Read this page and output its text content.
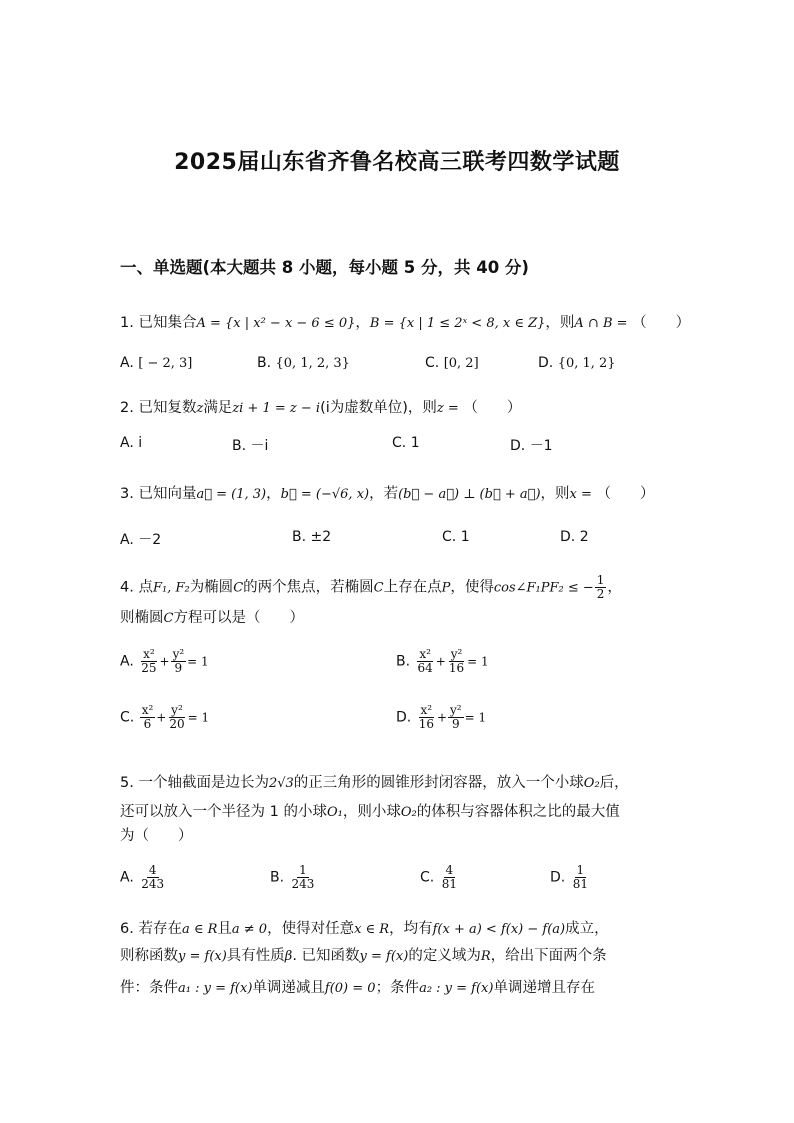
2025届山东省齐鲁名校高三联考四数学试题
一、单选题(本大题共 8 小题，每小题 5 分，共 40 分)
1. 已知集合A = {x | x² − x − 6 ≤ 0}，B = {x | 1 ≤ 2ˣ < 8, x ∈ Z}，则A ∩ B = （　　）
A. [ − 2, 3]	B. {0, 1, 2, 3}	C. [0, 2]	D. {0, 1, 2}
2. 已知复数z满足zi + 1 = z − i(i为虚数单位)，则z = （　　）
A. i	B. －i	C. 1	D. －1
3. 已知向量a⃗ = (1, 3)，b⃗ = (−√6, x)，若(b⃗ − a⃗) ⊥ (b⃗ + a⃗)，则x = （　　）
A. －2	B. ±2	C. 1	D. 2
4. 点F₁, F₂为椭圆C的两个焦点，若椭圆C上存在点P，使得cos∠F₁PF₂ ≤ − $\frac{1}{2}$ ，
则椭圆C方程可以是（　　）
A. $\frac{\text{x²}}{25} + \frac{\text{y²}}{9} = 1$	B. $\frac{\text{x²}}{64} + \frac{\text{y²}}{16} = 1$
C. $\frac{\text{x²}}{6} + \frac{\text{y²}}{20} = 1$	D. $\frac{\text{x²}}{16} + \frac{\text{y²}}{9} = 1$
5. 一个轴截面是边长为2√3的正三角形的圆锥形封闭容器，放入一个小球O₂后，
还可以放入一个半径为 1 的小球O₁，则小球O₂的体积与容器体积之比的最大值
为（　　）
A. $\frac{4}{243}$	B. $\frac{1}{243}$	C. $\frac{4}{81}$	D. $\frac{1}{81}$
6. 若存在a ∈ R且a ≠ 0，使得对任意x ∈ R，均有f(x + a) < f(x) − f(a)成立，
则称函数y = f(x)具有性质β. 已知函数y = f(x)的定义域为R，给出下面两个条
件：条件a₁ : y = f(x)单调递减且f(0) = 0；条件a₂ : y = f(x)单调递增且存在
